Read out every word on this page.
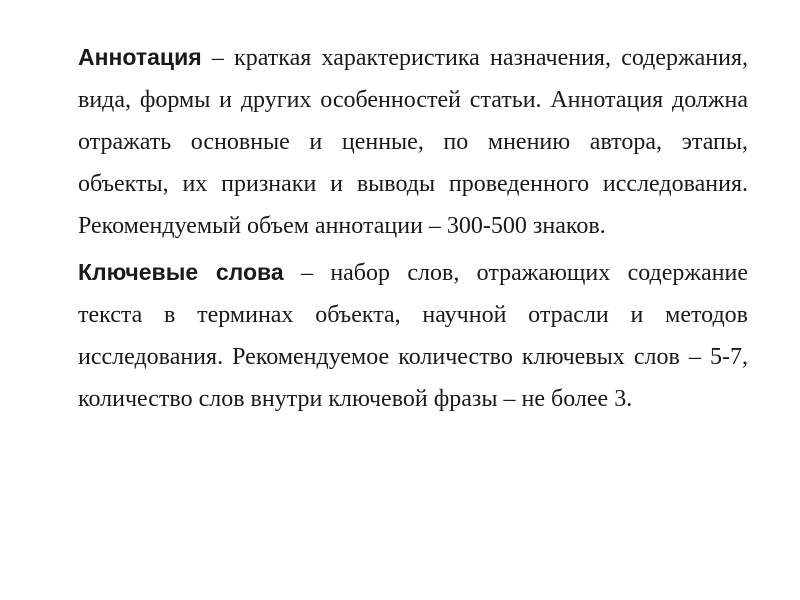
Аннотация – краткая характеристика назначения, содержания, вида, формы и других особенностей статьи. Аннотация должна отражать основные и ценные, по мнению автора, этапы, объекты, их признаки и выводы проведенного исследования. Рекомендуемый объем аннотации – 300-500 знаков.

Ключевые слова – набор слов, отражающих содержание текста в терминах объекта, научной отрасли и методов исследования. Рекомендуемое количество ключевых слов – 5-7, количество слов внутри ключевой фразы – не более 3.
